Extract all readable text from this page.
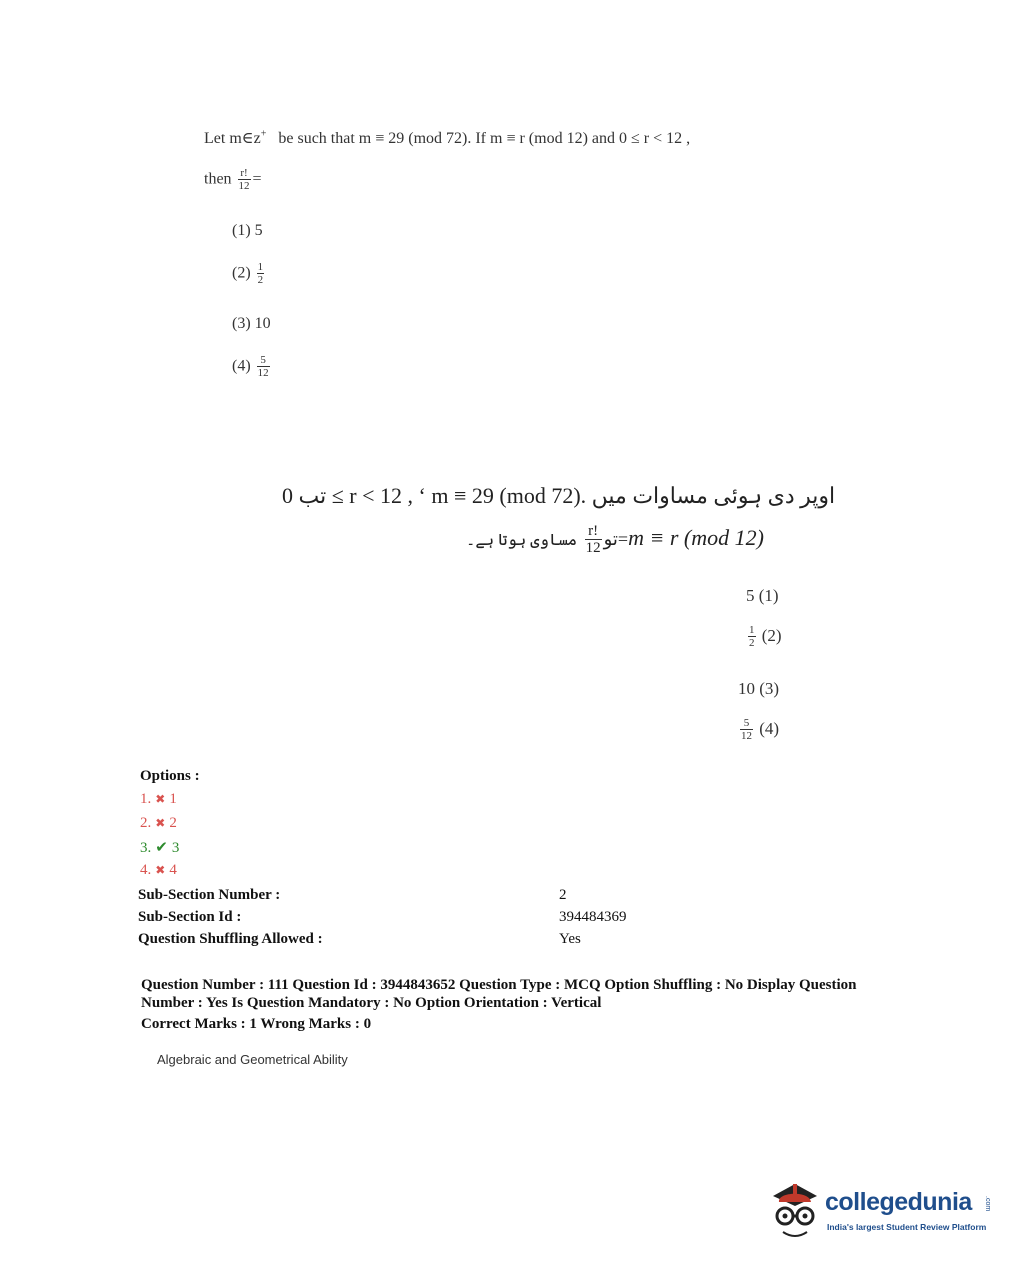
Let m∈z+ be such that m ≡ 29 (mod 72). If m ≡ r (mod 12) and 0 ≤ r < 12 ,
then $\frac{r!}{12}$ =
(1) 5
$(2) \frac{1}{2}$
(3) 10
$(4) \frac{5}{12}$
تب 0 ≤ r < 12 , ‘ m ≡ 29 (mod 72). اوپر دی ہوئی مساوات میں
مساوی ہوتا ہے۔ $\frac{r!}{12}$ =توm ≡ r (mod 12)
5 (1)
$\frac{1}{2} (2)$
10 (3)
$\frac{5}{12} (4)$
Options :
1. ✖ 1
2. ✖ 2
3. ✔ 3
4. ✖ 4
Sub-Section Number :	2
Sub-Section Id :	394484369
Question Shuffling Allowed :	Yes
Question Number : 111 Question Id : 3944843652 Question Type : MCQ Option Shuffling : No Display Question
Number : Yes Is Question Mandatory : No Option Orientation : Vertical
Correct Marks : 1 Wrong Marks : 0
Algebraic and Geometrical Ability
collegedunia .com
India's largest Student Review Platform
